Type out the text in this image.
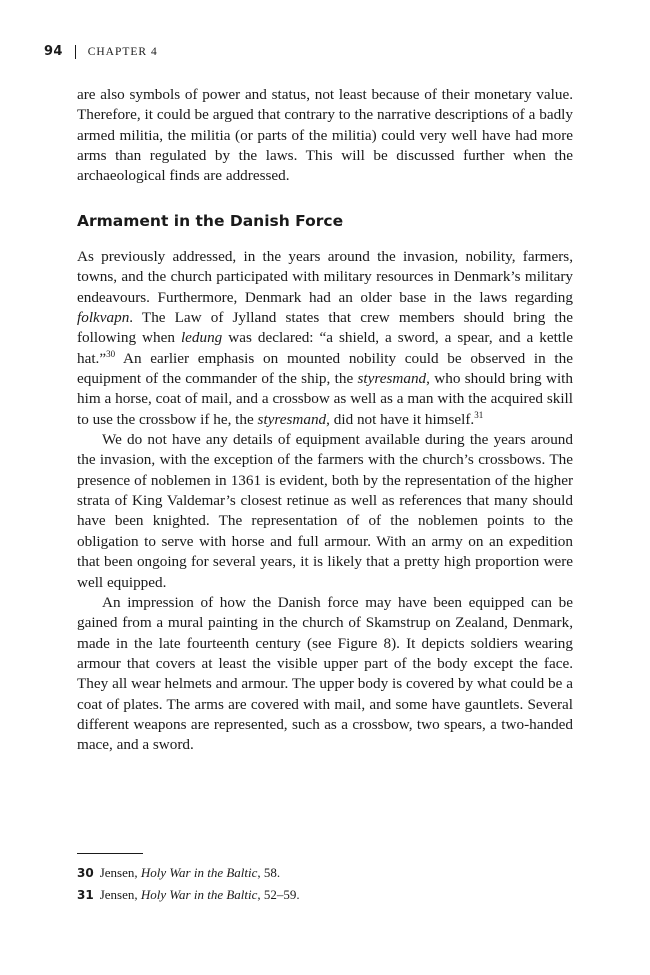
94 CHAPTER 4

are also symbols of power and status, not least because of their monetary value. Therefore, it could be argued that contrary to the narrative descriptions of a badly armed militia, the militia (or parts of the militia) could very well have had more arms than regulated by the laws. This will be discussed further when the archaeological finds are addressed.

Armament in the Danish Force

As previously addressed, in the years around the invasion, nobility, farmers, towns, and the church participated with military resources in Denmark’s military endeavours. Furthermore, Denmark had an older base in the laws regarding folkvapn. The Law of Jylland states that crew members should bring the following when ledung was declared: “a shield, a sword, a spear, and a kettle hat.”$^{30}$ An earlier emphasis on mounted nobility could be observed in the equipment of the commander of the ship, the styresmand, who should bring with him a horse, coat of mail, and a crossbow as well as a man with the acquired skill to use the crossbow if he, the styresmand, did not have it himself.$^{31}$

We do not have any details of equipment available during the years around the invasion, with the exception of the farmers with the church’s crossbows. The presence of noblemen in 1361 is evident, both by the representation of the higher strata of King Valdemar’s closest retinue as well as references that many should have been knighted. The representation of of the noblemen points to the obligation to serve with horse and full armour. With an army on an expedition that been ongoing for several years, it is likely that a pretty high proportion were well equipped.

An impression of how the Danish force may have been equipped can be gained from a mural painting in the church of Skamstrup on Zealand, Denmark, made in the late fourteenth century (see Figure 8). It depicts soldiers wearing armour that covers at least the visible upper part of the body except the face. They all wear helmets and armour. The upper body is covered by what could be a coat of plates. The arms are covered with mail, and some have gauntlets. Several different weapons are represented, such as a crossbow, two spears, a two-handed mace, and a sword.

30 Jensen, Holy War in the Baltic, 58.
31 Jensen, Holy War in the Baltic, 52–59.
